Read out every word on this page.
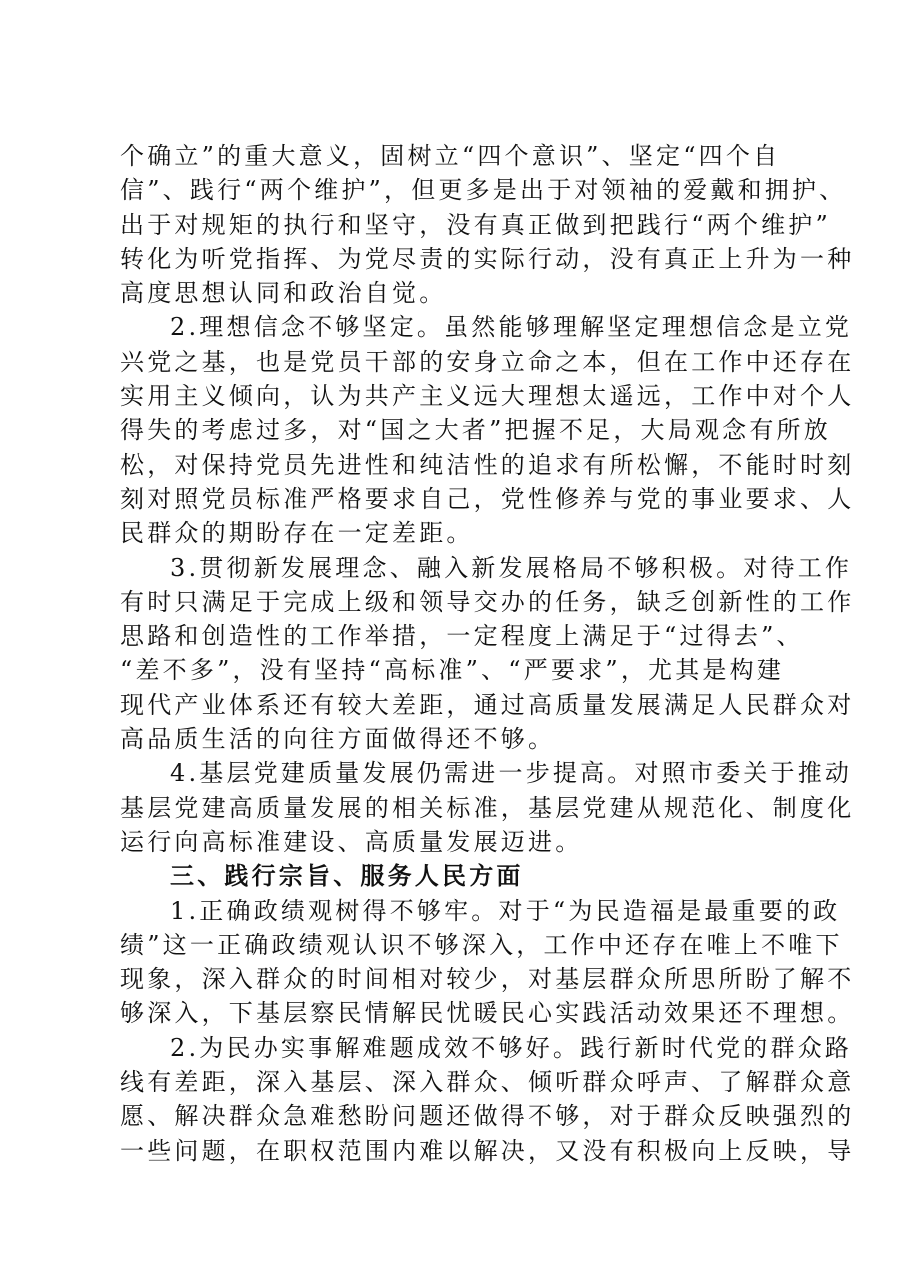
个确立”的重大意义，固树立“四个意识”、坚定“四个自
信”、践行“两个维护”，但更多是出于对领袖的爱戴和拥护、
出于对规矩的执行和坚守，没有真正做到把践行“两个维护”
转化为听党指挥、为党尽责的实际行动，没有真正上升为一种
高度思想认同和政治自觉。
2.理想信念不够坚定。虽然能够理解坚定理想信念是立党
兴党之基，也是党员干部的安身立命之本，但在工作中还存在
实用主义倾向，认为共产主义远大理想太遥远，工作中对个人
得失的考虑过多，对“国之大者”把握不足，大局观念有所放
松，对保持党员先进性和纯洁性的追求有所松懈，不能时时刻
刻对照党员标准严格要求自己，党性修养与党的事业要求、人
民群众的期盼存在一定差距。
3.贯彻新发展理念、融入新发展格局不够积极。对待工作
有时只满足于完成上级和领导交办的任务，缺乏创新性的工作
思路和创造性的工作举措，一定程度上满足于“过得去”、
“差不多”，没有坚持“高标准”、“严要求”，尤其是构建
现代产业体系还有较大差距，通过高质量发展满足人民群众对
高品质生活的向往方面做得还不够。
4.基层党建质量发展仍需进一步提高。对照市委关于推动
基层党建高质量发展的相关标准，基层党建从规范化、制度化
运行向高标准建设、高质量发展迈进。
三、践行宗旨、服务人民方面
1.正确政绩观树得不够牢。对于“为民造福是最重要的政
绩”这一正确政绩观认识不够深入，工作中还存在唯上不唯下
现象，深入群众的时间相对较少，对基层群众所思所盼了解不
够深入，下基层察民情解民忧暖民心实践活动效果还不理想。
2.为民办实事解难题成效不够好。践行新时代党的群众路
线有差距，深入基层、深入群众、倾听群众呼声、了解群众意
愿、解决群众急难愁盼问题还做得不够，对于群众反映强烈的
一些问题，在职权范围内难以解决，又没有积极向上反映，导
